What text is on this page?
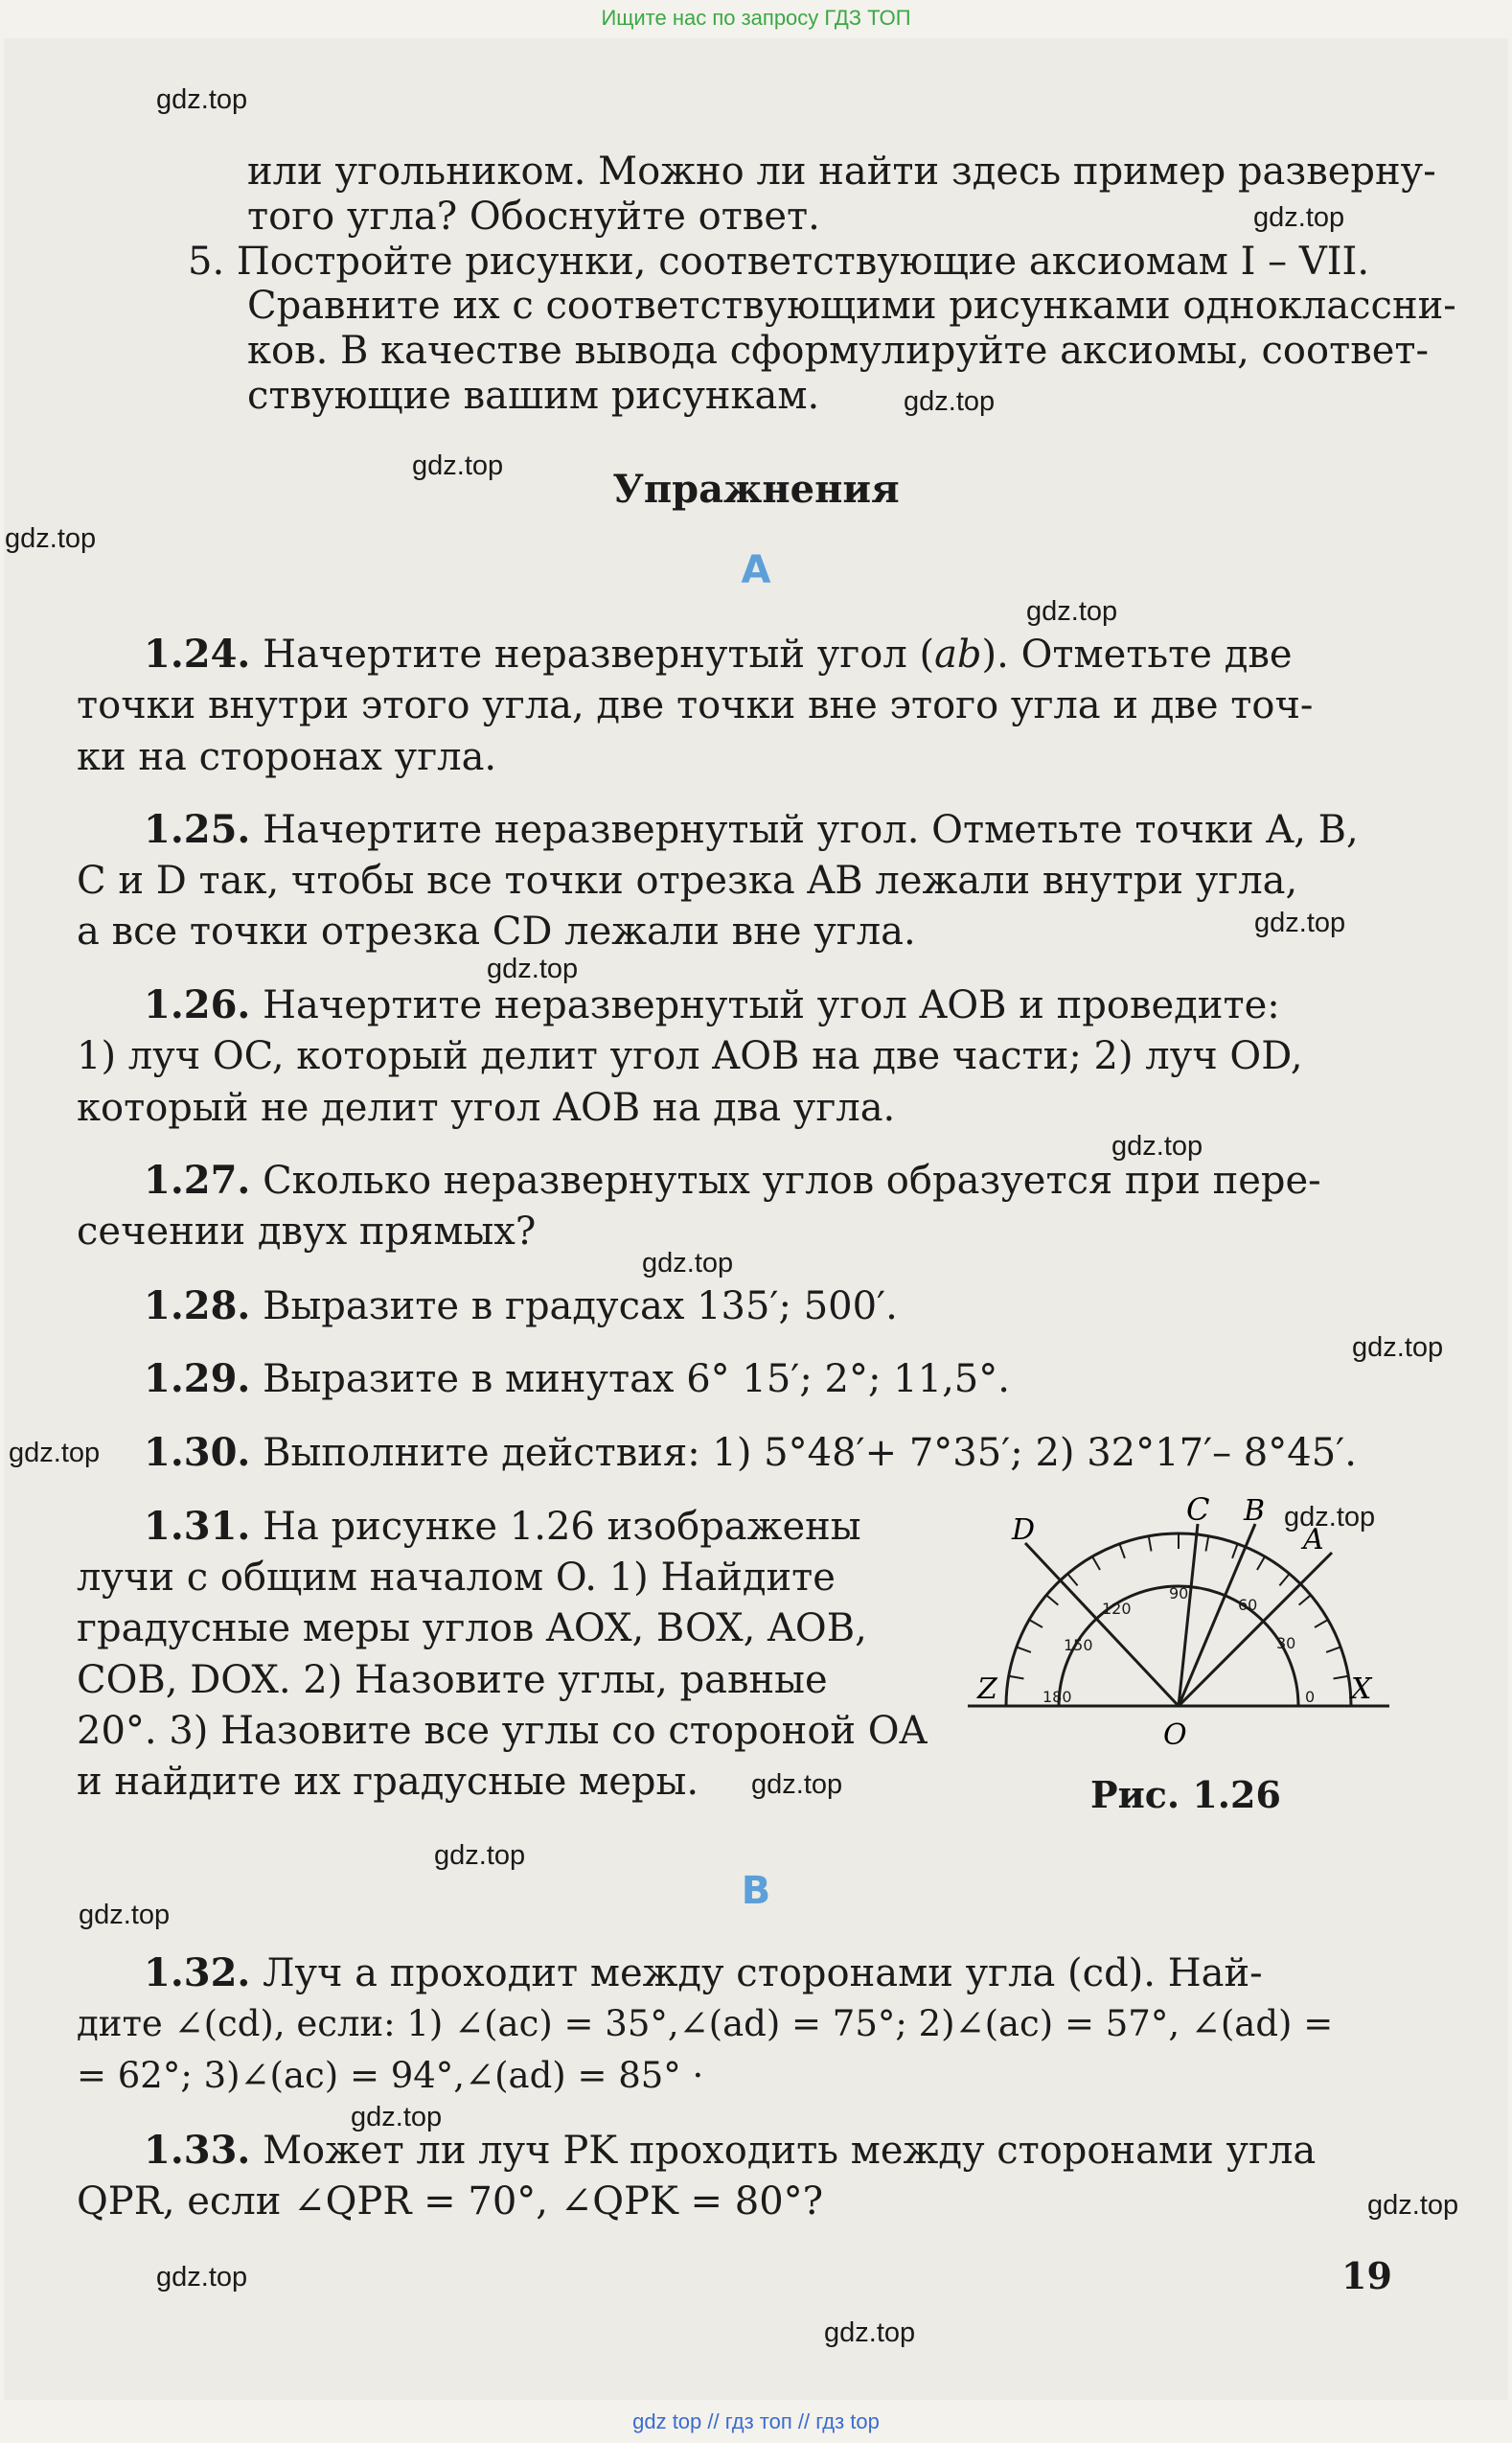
Ищите нас по запросу ГДЗ ТОП
gdz.top
gdz.top
gdz.top
gdz.top
gdz.top
gdz.top
gdz.top
gdz.top
gdz.top
gdz.top
gdz.top
gdz.top
gdz.top
gdz.top
gdz.top
gdz.top
gdz.top
gdz.top
gdz.top
gdz.top
или угольником. Можно ли найти здесь пример разверну-
того угла? Обоснуйте ответ.
5. Постройте рисунки, соответствующие аксиомам I – VII.
Сравните их с соответствующими рисунками одноклассни-
ков. В качестве вывода сформулируйте аксиомы, соответ-
ствующие вашим рисункам.
Упражнения
А
1.24. Начертите неразвернутый угол (ab). Отметьте две
точки внутри этого угла, две точки вне этого угла и две точ-
ки на сторонах угла.
1.25. Начертите неразвернутый угол. Отметьте точки A, B,
C и D так, чтобы все точки отрезка AB лежали внутри угла,
а все точки отрезка CD лежали вне угла.
1.26. Начертите неразвернутый угол AOB и проведите:
1) луч OC, который делит угол AOB на две части; 2) луч OD,
который не делит угол AOB на два угла.
1.27. Сколько неразвернутых углов образуется при пере-
сечении двух прямых?
1.28. Выразите в градусах 135′; 500′.
1.29. Выразите в минутах 6° 15′; 2°; 11,5°.
1.30. Выполните действия: 1) 5°48′+ 7°35′; 2) 32°17′– 8°45′.
1.31. На рисунке 1.26 изображены
лучи с общим началом O. 1) Найдите
градусные меры углов AOX, BOX, AOB,
COB, DOX. 2) Назовите углы, равные
20°. 3) Назовите все углы со стороной OA
и найдите их градусные меры.
0
30
60
90
120
150
180
C B
A
D
Z	X
O
Рис. 1.26
В
1.32. Луч a проходит между сторонами угла (cd). Най-
дите ∠(cd), если: 1) ∠(ac) = 35°,∠(ad) = 75°; 2)∠(ac) = 57°, ∠(ad) =
= 62°; 3)∠(ac) = 94°,∠(ad) = 85° ·
1.33. Может ли луч PK проходить между сторонами угла
QPR, если ∠QPR = 70°, ∠QPK = 80°?
19
gdz top // гдз топ // гдз top
